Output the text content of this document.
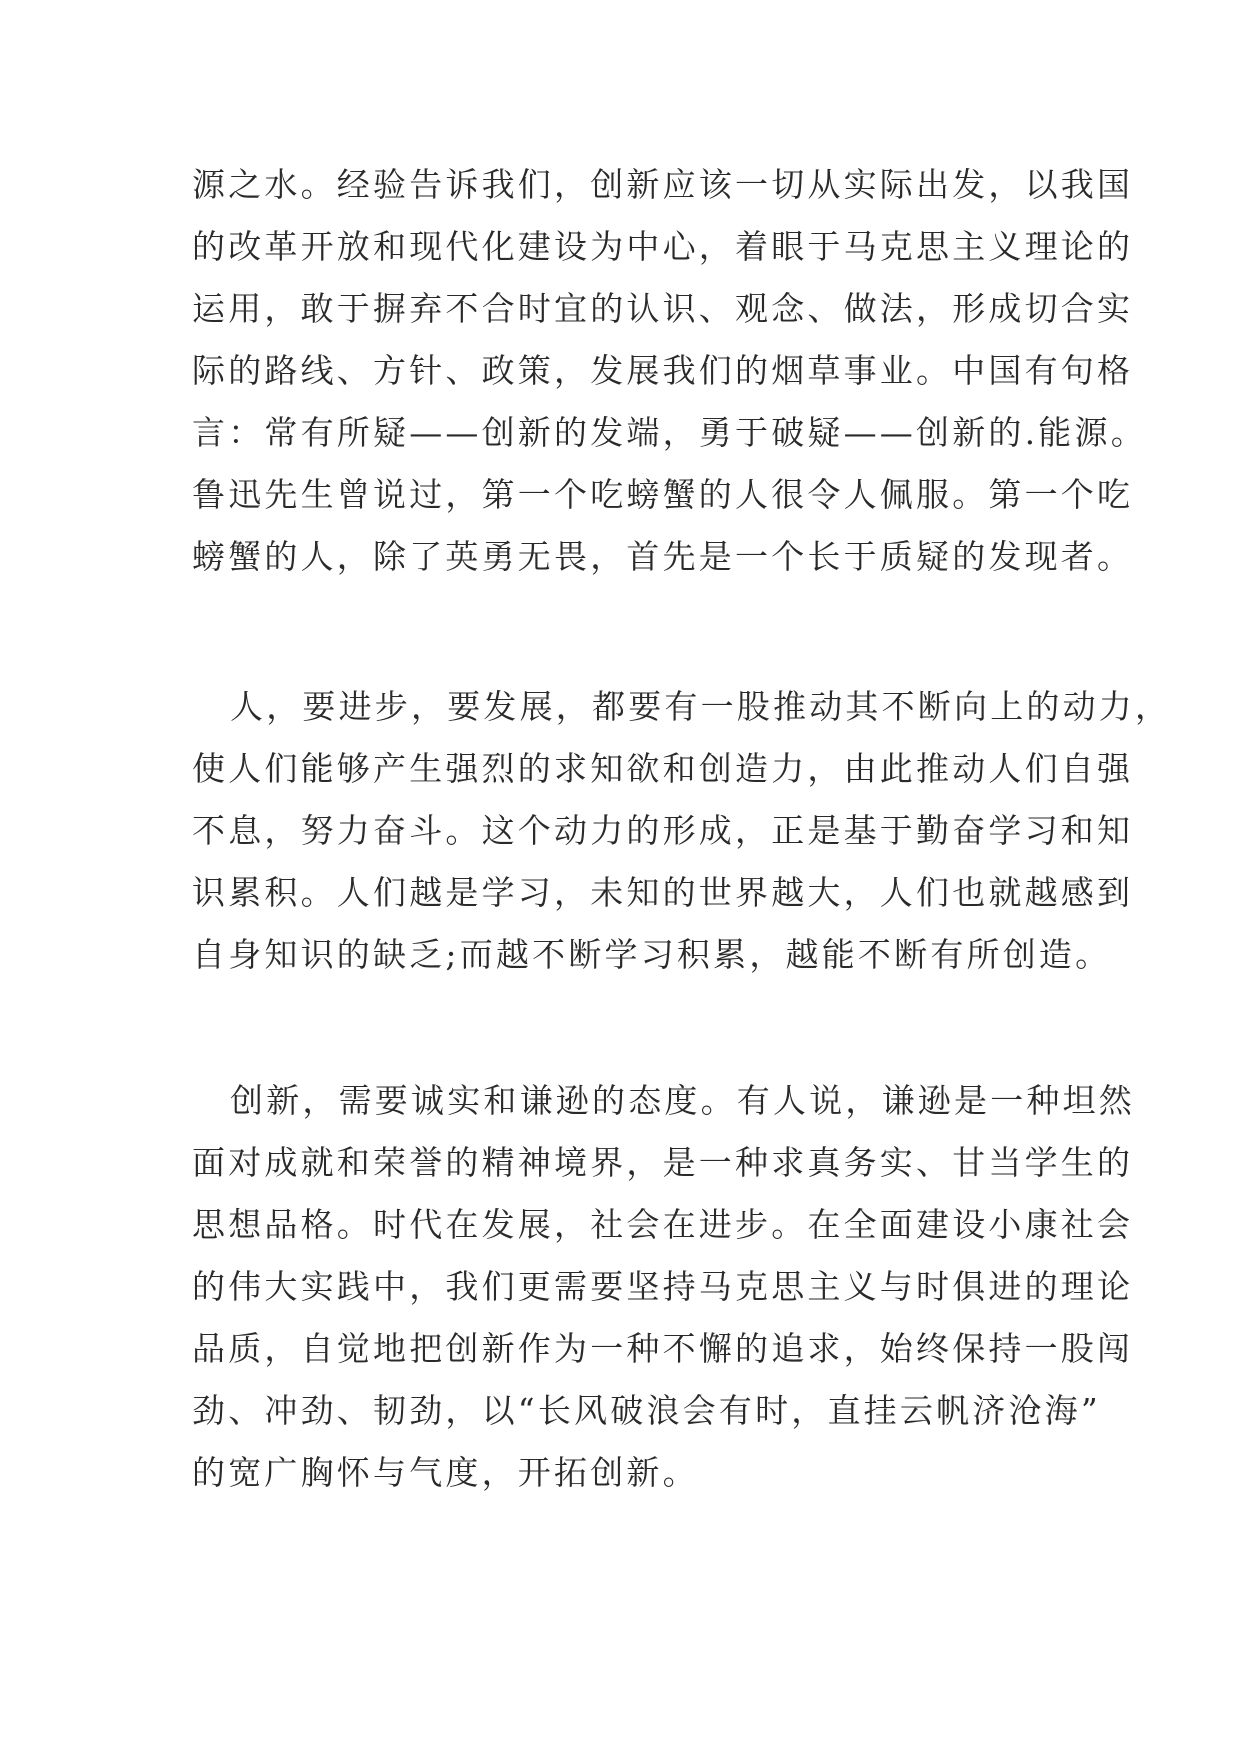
源之水。经验告诉我们，创新应该一切从实际出发，以我国
的改革开放和现代化建设为中心，着眼于马克思主义理论的
运用，敢于摒弃不合时宜的认识、观念、做法，形成切合实
际的路线、方针、政策，发展我们的烟草事业。中国有句格
言：常有所疑——创新的发端，勇于破疑——创新的.能源。
鲁迅先生曾说过，第一个吃螃蟹的人很令人佩服。第一个吃
螃蟹的人，除了英勇无畏，首先是一个长于质疑的发现者。
人，要进步，要发展，都要有一股推动其不断向上的动力，
使人们能够产生强烈的求知欲和创造力，由此推动人们自强
不息，努力奋斗。这个动力的形成，正是基于勤奋学习和知
识累积。人们越是学习，未知的世界越大，人们也就越感到
自身知识的缺乏;而越不断学习积累，越能不断有所创造。
创新，需要诚实和谦逊的态度。有人说，谦逊是一种坦然
面对成就和荣誉的精神境界，是一种求真务实、甘当学生的
思想品格。时代在发展，社会在进步。在全面建设小康社会
的伟大实践中，我们更需要坚持马克思主义与时俱进的理论
品质，自觉地把创新作为一种不懈的追求，始终保持一股闯
劲、冲劲、韧劲，以“长风破浪会有时，直挂云帆济沧海”
的宽广胸怀与气度，开拓创新。
